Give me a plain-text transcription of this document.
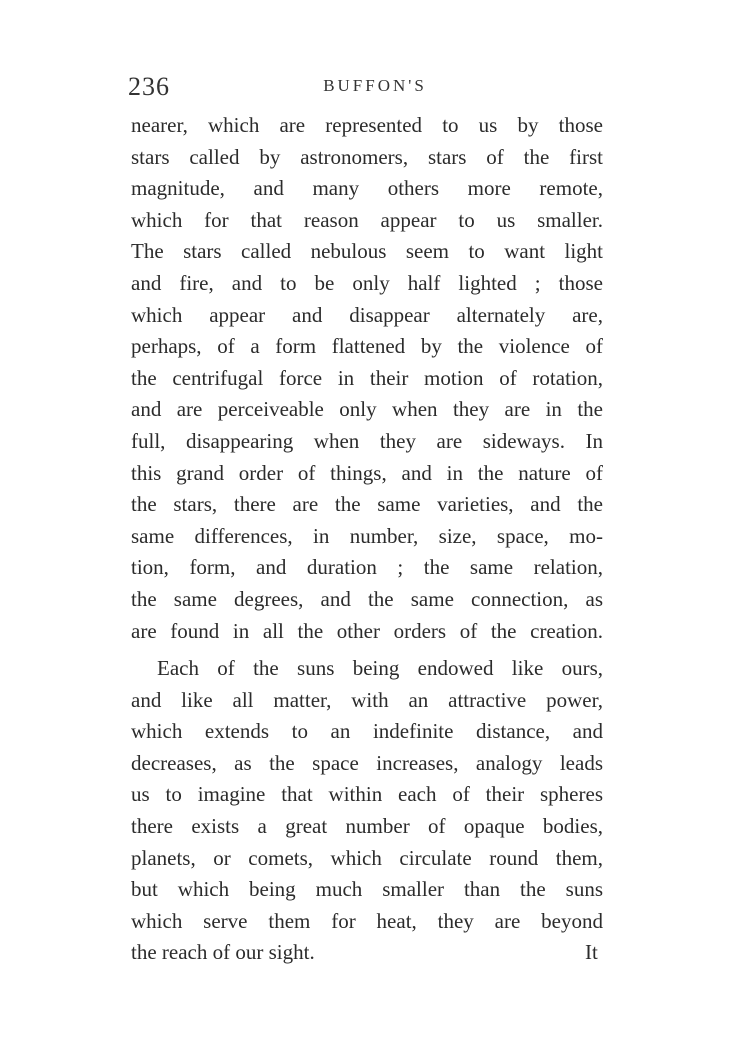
236	BUFFON'S
nearer, which are represented to us by those
stars called by astronomers, stars of the first
magnitude, and many others more remote,
which for that reason appear to us smaller.
The stars called nebulous seem to want light
and fire, and to be only half lighted ; those
which appear and disappear alternately are,
perhaps, of a form flattened by the violence of
the centrifugal force in their motion of rotation,
and are perceiveable only when they are in the
full, disappearing when they are sideways. In
this grand order of things, and in the nature of
the stars, there are the same varieties, and the
same differences, in number, size, space, mo-
tion, form, and duration ; the same relation,
the same degrees, and the same connection, as
are found in all the other orders of the creation.
Each of the suns being endowed like ours,
and like all matter, with an attractive power,
which extends to an indefinite distance, and
decreases, as the space increases, analogy leads
us to imagine that within each of their spheres
there exists a great number of opaque bodies,
planets, or comets, which circulate round them,
but which being much smaller than the suns
which serve them for heat, they are beyond
the reach of our sight.	It
